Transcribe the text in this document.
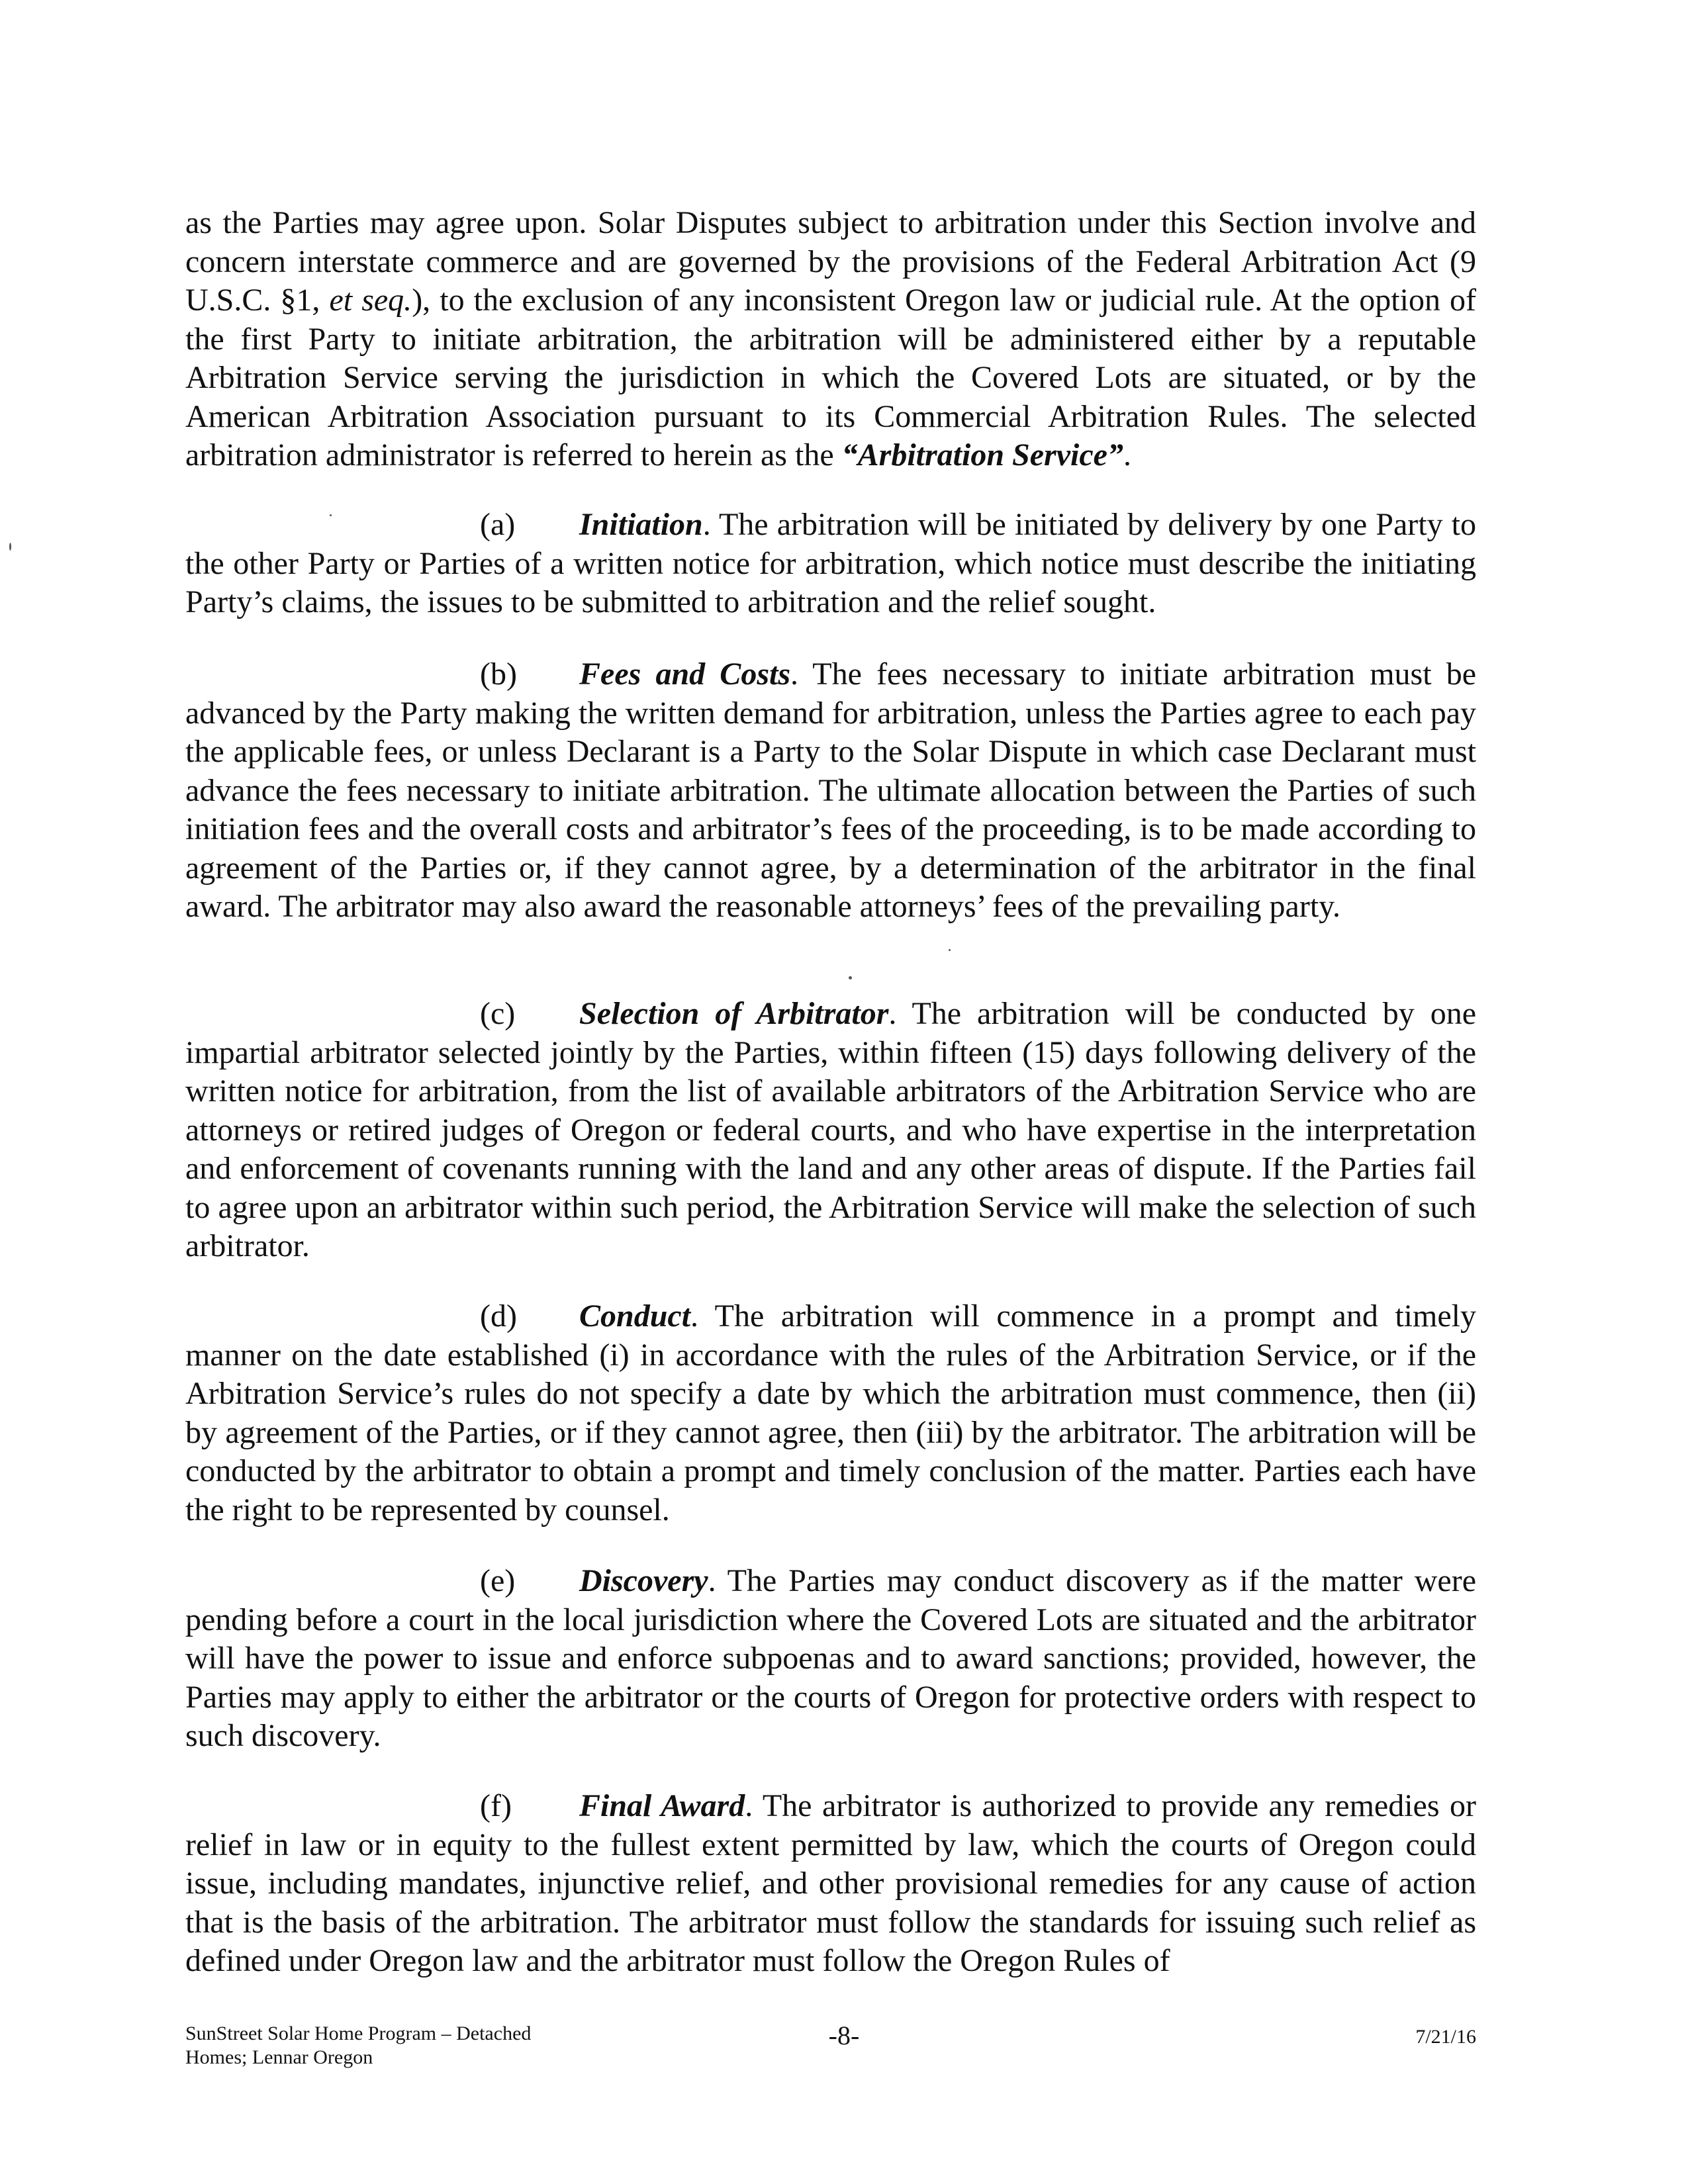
as the Parties may agree upon. Solar Disputes subject to arbitration under this Section involve and concern interstate commerce and are governed by the provisions of the Federal Arbitration Act (9 U.S.C. §1, et seq.), to the exclusion of any inconsistent Oregon law or judicial rule. At the option of the first Party to initiate arbitration, the arbitration will be administered either by a reputable Arbitration Service serving the jurisdiction in which the Covered Lots are situated, or by the American Arbitration Association pursuant to its Commercial Arbitration Rules. The selected arbitration administrator is referred to herein as the “Arbitration Service”.

(a) Initiation. The arbitration will be initiated by delivery by one Party to the other Party or Parties of a written notice for arbitration, which notice must describe the initiating Party’s claims, the issues to be submitted to arbitration and the relief sought.

(b) Fees and Costs. The fees necessary to initiate arbitration must be advanced by the Party making the written demand for arbitration, unless the Parties agree to each pay the applicable fees, or unless Declarant is a Party to the Solar Dispute in which case Declarant must advance the fees necessary to initiate arbitration. The ultimate allocation between the Parties of such initiation fees and the overall costs and arbitrator’s fees of the proceeding, is to be made according to agreement of the Parties or, if they cannot agree, by a determination of the arbitrator in the final award. The arbitrator may also award the reasonable attorneys’ fees of the prevailing party.

(c) Selection of Arbitrator. The arbitration will be conducted by one impartial arbitrator selected jointly by the Parties, within fifteen (15) days following delivery of the written notice for arbitration, from the list of available arbitrators of the Arbitration Service who are attorneys or retired judges of Oregon or federal courts, and who have expertise in the interpretation and enforcement of covenants running with the land and any other areas of dispute. If the Parties fail to agree upon an arbitrator within such period, the Arbitration Service will make the selection of such arbitrator.

(d) Conduct. The arbitration will commence in a prompt and timely manner on the date established (i) in accordance with the rules of the Arbitration Service, or if the Arbitration Service’s rules do not specify a date by which the arbitration must commence, then (ii) by agreement of the Parties, or if they cannot agree, then (iii) by the arbitrator. The arbitration will be conducted by the arbitrator to obtain a prompt and timely conclusion of the matter. Parties each have the right to be represented by counsel.

(e) Discovery. The Parties may conduct discovery as if the matter were pending before a court in the local jurisdiction where the Covered Lots are situated and the arbitrator will have the power to issue and enforce subpoenas and to award sanctions; provided, however, the Parties may apply to either the arbitrator or the courts of Oregon for protective orders with respect to such discovery.

(f) Final Award. The arbitrator is authorized to provide any remedies or relief in law or in equity to the fullest extent permitted by law, which the courts of Oregon could issue, including mandates, injunctive relief, and other provisional remedies for any cause of action that is the basis of the arbitration. The arbitrator must follow the standards for issuing such relief as defined under Oregon law and the arbitrator must follow the Oregon Rules of

SunStreet Solar Home Program – Detached
Homes; Lennar Oregon
-8-	7/21/16
